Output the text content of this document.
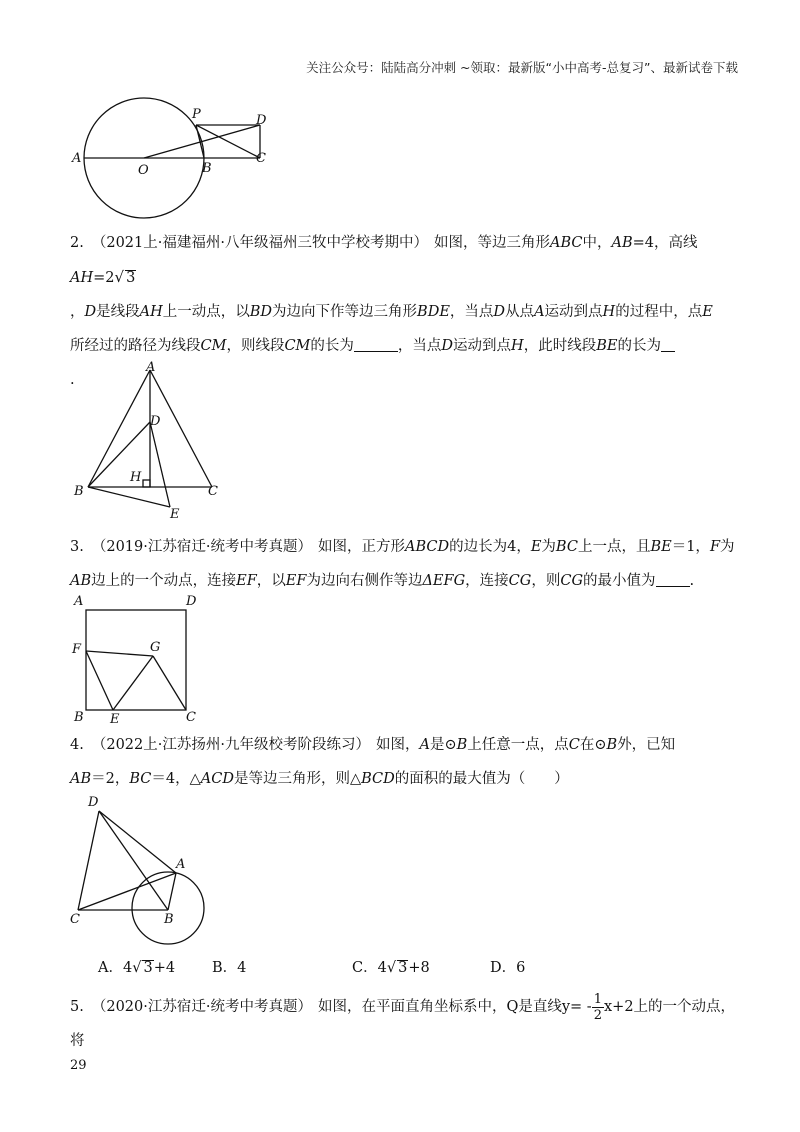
关注公众号：陆陆高分冲刺 ~领取：最新版“小中高考-总复习”、最新试卷下载
P	D
A
O	B
C

2. （2021上·福建福州·八年级福州三牧中学校考期中） 如图，等边三角形ABC中，AB=4，高线AH=2√ 3

，D是线段AH上一动点，以BD为边向下作等边三角形BDE，当点D从点A运动到点H的过程中，点E

所经过的路径为线段CM，则线段CM的长为	，当点D运动到点H，此时线段BE的长为

.

A
D
H
B	C
E

3. （2019·江苏宿迁·统考中考真题） 如图，正方形ABCD的边长为4，E为BC上一点，且BE＝1，F为

AB边上的一个动点，连接EF，以EF为边向右侧作等边ΔEFG，连接CG，则CG的最小值为 .

A	D
F	G
B E	C

4. （2022上·江苏扬州·九年级校考阶段练习） 如图，A是⊙B上任意一点，点C在⊙B外，已知

AB＝2，BC＝4，△ACD是等边三角形，则△BCD的面积的最大值为（　　）

D
A
C	B
A．4√ 3+4	B．4	C．4√ 3+8	D．6

5. （2020·江苏宿迁·统考中考真题） 如图，在平面直角坐标系中，Q是直线$y= - \frac{1}{2} x+2$上的一个动点，将

29
